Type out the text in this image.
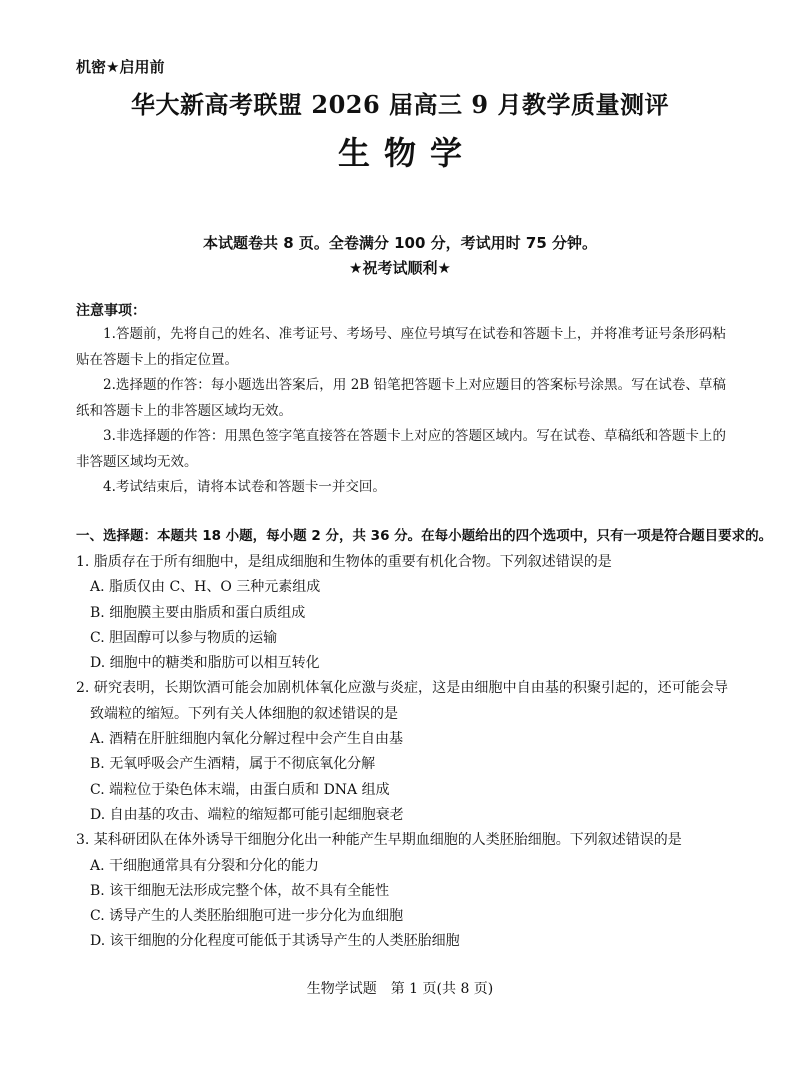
机密★启用前
华大新高考联盟 2026 届高三 9 月教学质量测评
生物学
本试题卷共 8 页。全卷满分 100 分，考试用时 75 分钟。
★祝考试顺利★
注意事项：

1.答题前，先将自己的姓名、准考证号、考场号、座位号填写在试卷和答题卡上，并将准考证号条形码粘贴在答题卡上的指定位置。

2.选择题的作答：每小题选出答案后，用 2B 铅笔把答题卡上对应题目的答案标号涂黑。写在试卷、草稿纸和答题卡上的非答题区域均无效。

3.非选择题的作答：用黑色签字笔直接答在答题卡上对应的答题区域内。写在试卷、草稿纸和答题卡上的非答题区域均无效。

4.考试结束后，请将本试卷和答题卡一并交回。

一、选择题：本题共 18 小题，每小题 2 分，共 36 分。在每小题给出的四个选项中，只有一项是符合题目要求的。

1. 脂质存在于所有细胞中，是组成细胞和生物体的重要有机化合物。下列叙述错误的是

A. 脂质仅由 C、H、O 三种元素组成

B. 细胞膜主要由脂质和蛋白质组成

C. 胆固醇可以参与物质的运输

D. 细胞中的糖类和脂肪可以相互转化

2. 研究表明，长期饮酒可能会加剧机体氧化应激与炎症，这是由细胞中自由基的积聚引起的，还可能会导致端粒的缩短。下列有关人体细胞的叙述错误的是

A. 酒精在肝脏细胞内氧化分解过程中会产生自由基

B. 无氧呼吸会产生酒精，属于不彻底氧化分解

C. 端粒位于染色体末端，由蛋白质和 DNA 组成

D. 自由基的攻击、端粒的缩短都可能引起细胞衰老

3. 某科研团队在体外诱导干细胞分化出一种能产生早期血细胞的人类胚胎细胞。下列叙述错误的是

A. 干细胞通常具有分裂和分化的能力

B. 该干细胞无法形成完整个体，故不具有全能性

C. 诱导产生的人类胚胎细胞可进一步分化为血细胞

D. 该干细胞的分化程度可能低于其诱导产生的人类胚胎细胞

生物学试题　第 1 页(共 8 页)
